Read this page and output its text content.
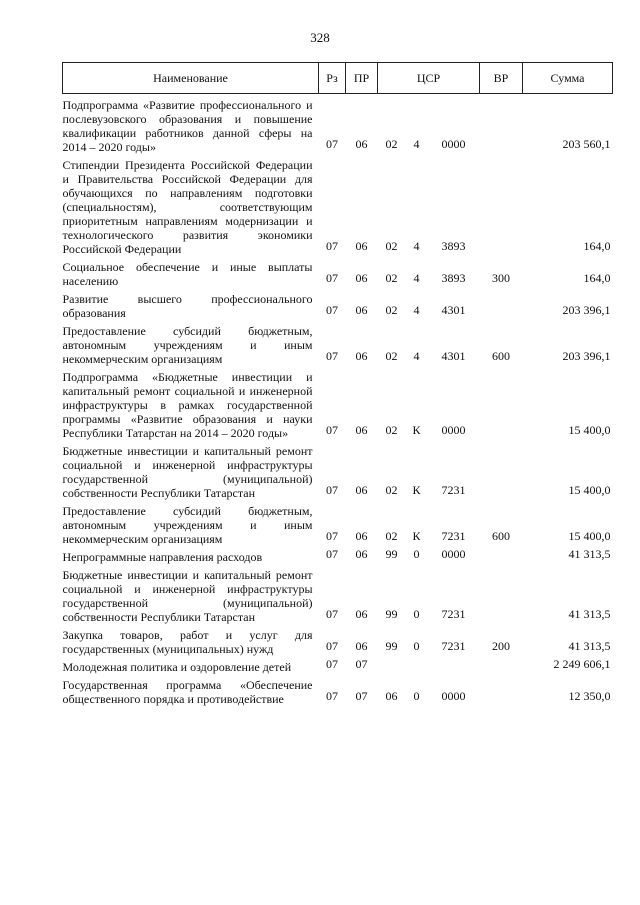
328
Наименование	Рз	ПР	ЦСР			ВР	Сумма
Подпрограмма «Развитие профессионального и послевузовского образования и повышение квалификации работников данной сферы на 2014 – 2020 годы»	07	06	02	4	0000		203 560,1
Стипендии Президента Российской Федерации и Правительства Российской Федерации для обучающихся по направлениям подготовки (специальностям), соответствующим приоритетным направлениям модернизации и технологического развития экономики Российской Федерации	07	06	02	4	3893		164,0
Социальное обеспечение и иные выплаты населению	07	06	02	4	3893	300	164,0
Развитие высшего профессионального образования	07	06	02	4	4301		203 396,1
Предоставление субсидий бюджетным, автономным учреждениям и иным некоммерческим организациям	07	06	02	4	4301	600	203 396,1
Подпрограмма «Бюджетные инвестиции и капитальный ремонт социальной и инженерной инфраструктуры в рамках государственной программы «Развитие образования и науки Республики Татарстан на 2014 – 2020 годы»	07	06	02	К	0000		15 400,0
Бюджетные инвестиции и капитальный ремонт социальной и инженерной инфраструктуры государственной (муниципальной) собственности Республики Татарстан	07	06	02	К	7231		15 400,0
Предоставление субсидий бюджетным, автономным учреждениям и иным некоммерческим организациям	07	06	02	К	7231	600	15 400,0
Непрограммные направления расходов	07	06	99	0	0000		41 313,5
Бюджетные инвестиции и капитальный ремонт социальной и инженерной инфраструктуры государственной (муниципальной) собственности Республики Татарстан	07	06	99	0	7231		41 313,5
Закупка товаров, работ и услуг для государственных (муниципальных) нужд	07	06	99	0	7231	200	41 313,5
Молодежная политика и оздоровление детей	07	07					2 249 606,1
Государственная программа «Обеспечение общественного порядка и противодействие	07	07	06	0	0000		12 350,0
